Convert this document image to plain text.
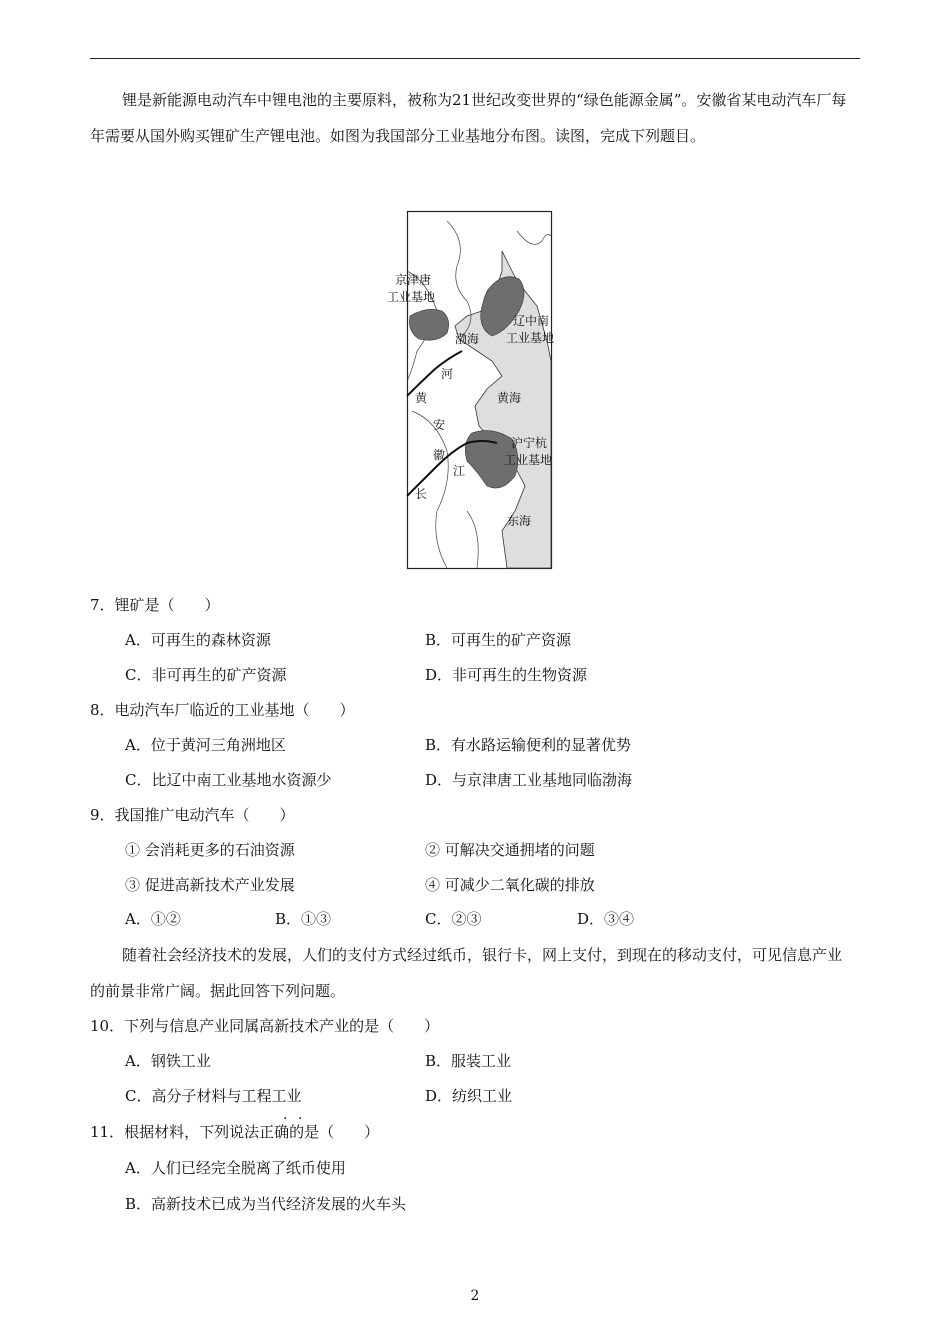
锂是新能源电动汽车中锂电池的主要原料，被称为21世纪改变世界的“绿色能源金属”。安徽省某电动汽车厂每年需要从国外购买锂矿生产锂电池。如图为我国部分工业基地分布图。读图，完成下列题目。
京津唐
工业基地
辽中南
工业基地
渤海
河
黄	黄海
安
沪宁杭
工业基地
徽
江
长
东海
7．锂矿是（　　）
A．可再生的森林资源	B．可再生的矿产资源
C．非可再生的矿产资源	D．非可再生的生物资源
8．电动汽车厂临近的工业基地（　　）
A．位于黄河三角洲地区	B．有水路运输便利的显著优势
C．比辽中南工业基地水资源少	D．与京津唐工业基地同临渤海
9．我国推广电动汽车（　　）
① 会消耗更多的石油资源	② 可解决交通拥堵的问题
③ 促进高新技术产业发展	④ 可减少二氧化碳的排放
A．①②	B．①③	C．②③	D．③④
随着社会经济技术的发展，人们的支付方式经过纸币，银行卡，网上支付，到现在的移动支付，可见信息产业的前景非常广阔。据此回答下列问题。
10．下列与信息产业同属高新技术产业的是（　　）
A．钢铁工业	B．服装工业
C．高分子材料与工程工业	D．纺织工业
· ·
11．根据材料，下列说法正确的是（　　）
A．人们已经完全脱离了纸币使用
B．高新技术已成为当代经济发展的火车头
2
